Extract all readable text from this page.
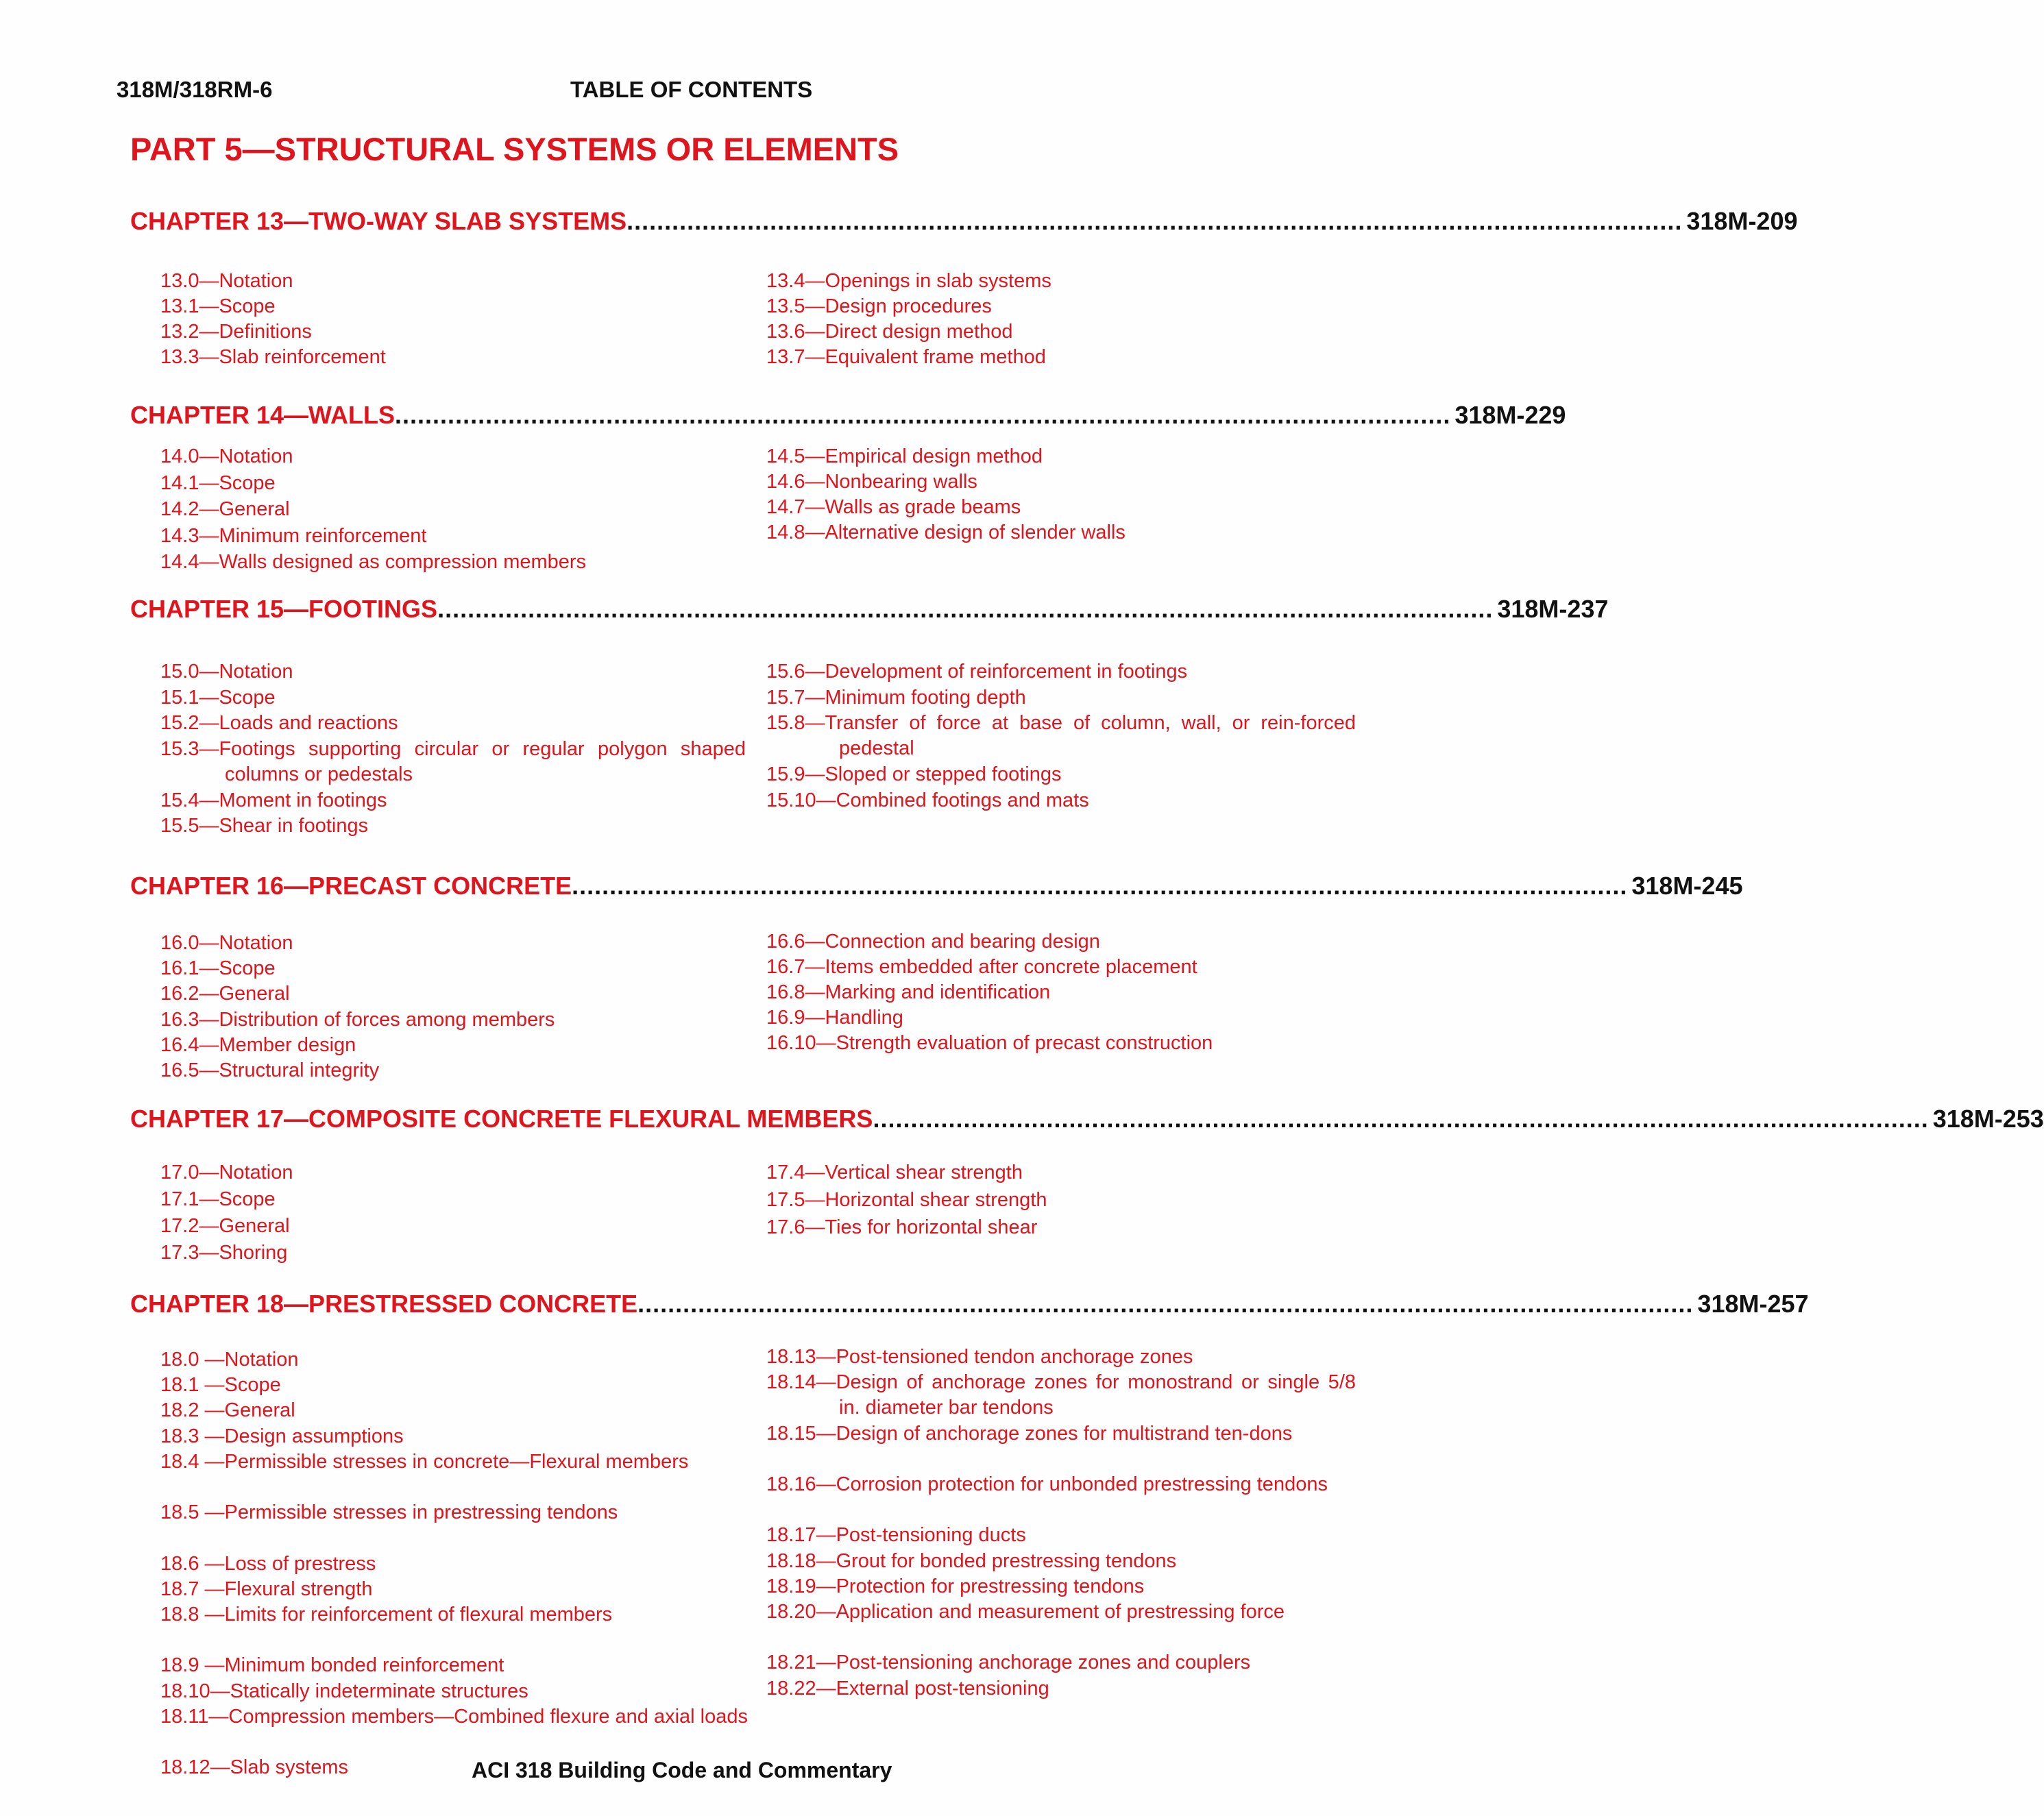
318M/318RM-6	TABLE OF CONTENTS
PART 5—STRUCTURAL SYSTEMS OR ELEMENTS
CHAPTER 13—TWO-WAY SLAB SYSTEMS ............................................................................................................................................ 318M-209
13.0—Notation
13.1—Scope
13.2—Definitions
13.3—Slab reinforcement
13.4—Openings in slab systems
13.5—Design procedures
13.6—Direct design method
13.7—Equivalent frame method
CHAPTER 14—WALLS ............................................................................................................................................ 318M-229
14.0—Notation
14.1—Scope
14.2—General
14.3—Minimum reinforcement
14.4—Walls designed as compression members
14.5—Empirical design method
14.6—Nonbearing walls
14.7—Walls as grade beams
14.8—Alternative design of slender walls
CHAPTER 15—FOOTINGS ............................................................................................................................................ 318M-237
15.0—Notation
15.1—Scope
15.2—Loads and reactions
15.3—Footings supporting circular or regular polygon shaped columns or pedestals
15.4—Moment in footings
15.5—Shear in footings
15.6—Development of reinforcement in footings
15.7—Minimum footing depth
15.8—Transfer of force at base of column, wall, or rein-forced pedestal
15.9—Sloped or stepped footings
15.10—Combined footings and mats
CHAPTER 16—PRECAST CONCRETE ............................................................................................................................................ 318M-245
16.0—Notation
16.1—Scope
16.2—General
16.3—Distribution of forces among members
16.4—Member design
16.5—Structural integrity
16.6—Connection and bearing design
16.7—Items embedded after concrete placement
16.8—Marking and identification
16.9—Handling
16.10—Strength evaluation of precast construction
CHAPTER 17—COMPOSITE CONCRETE FLEXURAL MEMBERS ............................................................................................................................................ 318M-253
17.0—Notation
17.1—Scope
17.2—General
17.3—Shoring
17.4—Vertical shear strength
17.5—Horizontal shear strength
17.6—Ties for horizontal shear
CHAPTER 18—PRESTRESSED CONCRETE ............................................................................................................................................ 318M-257
18.0 —Notation
18.1 —Scope
18.2 —General
18.3 —Design assumptions
18.4 —Permissible stresses in concrete—Flexural members
18.5 —Permissible stresses in prestressing tendons
18.6 —Loss of prestress
18.7 —Flexural strength
18.8 —Limits for reinforcement of flexural members
18.9 —Minimum bonded reinforcement
18.10—Statically indeterminate structures
18.11—Compression members—Combined flexure and axial loads
18.12—Slab systems
18.13—Post-tensioned tendon anchorage zones
18.14—Design of anchorage zones for monostrand or single 5/8 in. diameter bar tendons
18.15—Design of anchorage zones for multistrand ten-dons
18.16—Corrosion protection for unbonded prestressing tendons
18.17—Post-tensioning ducts
18.18—Grout for bonded prestressing tendons
18.19—Protection for prestressing tendons
18.20—Application and measurement of prestressing force
18.21—Post-tensioning anchorage zones and couplers
18.22—External post-tensioning
ACI 318 Building Code and Commentary
